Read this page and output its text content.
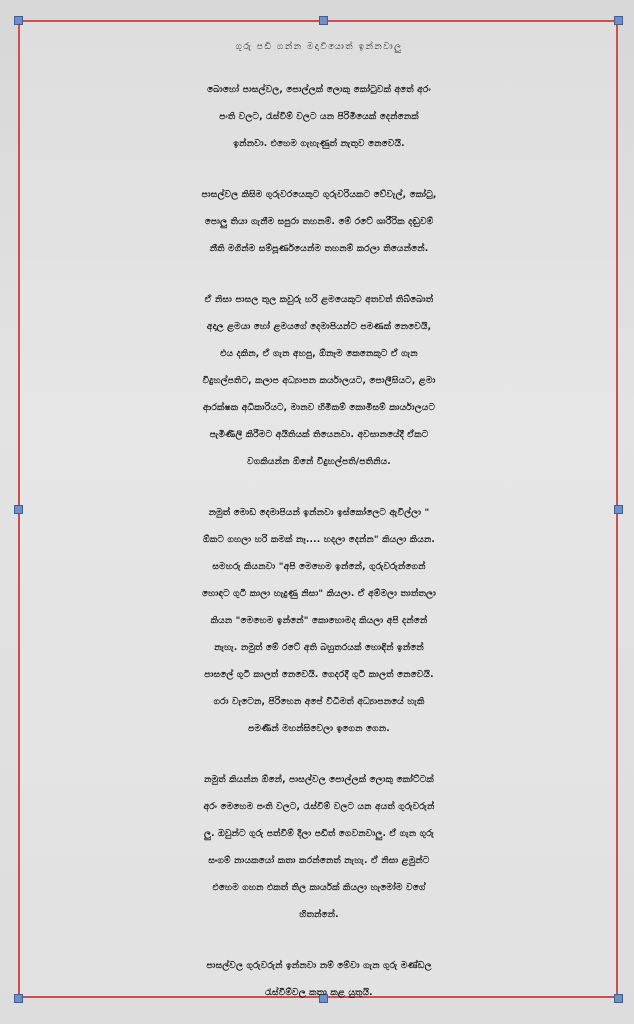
ගුරු පඩි ගන්න මදාවියොත් ඉන්නවාලු
බොහෝ පාසල්වල, පොල්ලක් ලොකු කෝටුවක් අතේ අරං
පංති වලට, රැස්වීම් වලට යන පිරිමියෙක් දෙන්නෙක්
ඉන්නවා. එහෙම ගැහැණුත් නැතුව නෙවෙයි.
පාසල්වල කිසිම ගුරුවරයෙකුට ගුරුවරියකට වේවැල්, කෝටු,
පොලු තියා ගැනීම සපුරා තහනම්. මේ රටේ ශාරීරික දඬුවම්
නීති මගින්ම සම්පූර්ණයෙන්ම තහනම් කරලා තියෙන්නේ.
ඒ නිසා පාසල තුල කවුරු හරි ළමයෙකුට අතවත් තිබ්බොත්
අදාල ළමයා හෝ ළමයගේ දෙමාපියන්ට පමණක් නෙවෙයි,
එය දකින, ඒ ගැන අහපු, ඕනෑම කෙනෙකුට ඒ ගැන
විදුහල්පතිට, කලාප අධ්‍යාපන කර්යාලයට, පොලීසියට, ළමා
ආරක්ෂක අධිකාරියට, මානව හිමිකම් කොමිසම් කාර්යාලයට
පැමිණිලි කිරීමට අයිතියක් තියෙනවා. අවසානයේදී ඒකට
වගකියන්න ඕනේ විදුහල්පති/පතිනිය.
නමුත් මොඩ දෙමාපියන් ඉන්නවා ඉස්කෝලෙට ඇවිල්ලා "
ඕකට ගහලා හරි කමක් නෑ.... හදලා දෙන්න" කියලා කියන.
සමහරු කියනවා "අපි මෙහෙම ඉන්නේ, ගුරුවරුන්ගෙන්
හොඳට ගුටි කාලා හැදුණු නිසා" කියලා. ඒ අම්මලා තාත්තලා
කියන "මෙහෙම ඉන්නේ" කොහොමද කියලා අපි දන්නේ
නැහැ. නමුත් මේ රටේ අති බහුතරයක් හොඳින් ඉන්නේ
පාසලේ ගුටි කාලත් නෙවෙයි. ගෙදරදී ගුටි කාලත් නෙවෙයි.
ගරා වැටෙන, පිරිහෙන අපේ විධිමත් අධ්‍යාපනයේ හැකි
පමණින් මහන්සිවෙලා ඉගෙන ගෙන.
නමුත් කියන්න ඕනේ, පාසල්වල පොල්ලක් ලොකු කෝට්ටක්
අරං මෙහෙම පංති වලට, රැස්වීම් වලට යන අයත් ගුරුවරුන්
ලු. ඔවුන්ට ගුරු පත්වීම් දීලා පඩිත් ගෙවනවාලු. ඒ ගැන ගුරු
සංගම් නායකයෝ කතා කරන්නෙත් නැහැ. ඒ නිසා ළමුන්ට
එහෙම ගහන එකත් තිල කාර්යක් කියලා හැමෝම වගේ
හිතන්නේ.
පාසල්වල ගුරුවරුන් ඉන්නවා නම් මේවා ගැන ගුරු මණ්ඩල
රැස්වීම්වල කතා කළ යුතුයි.
